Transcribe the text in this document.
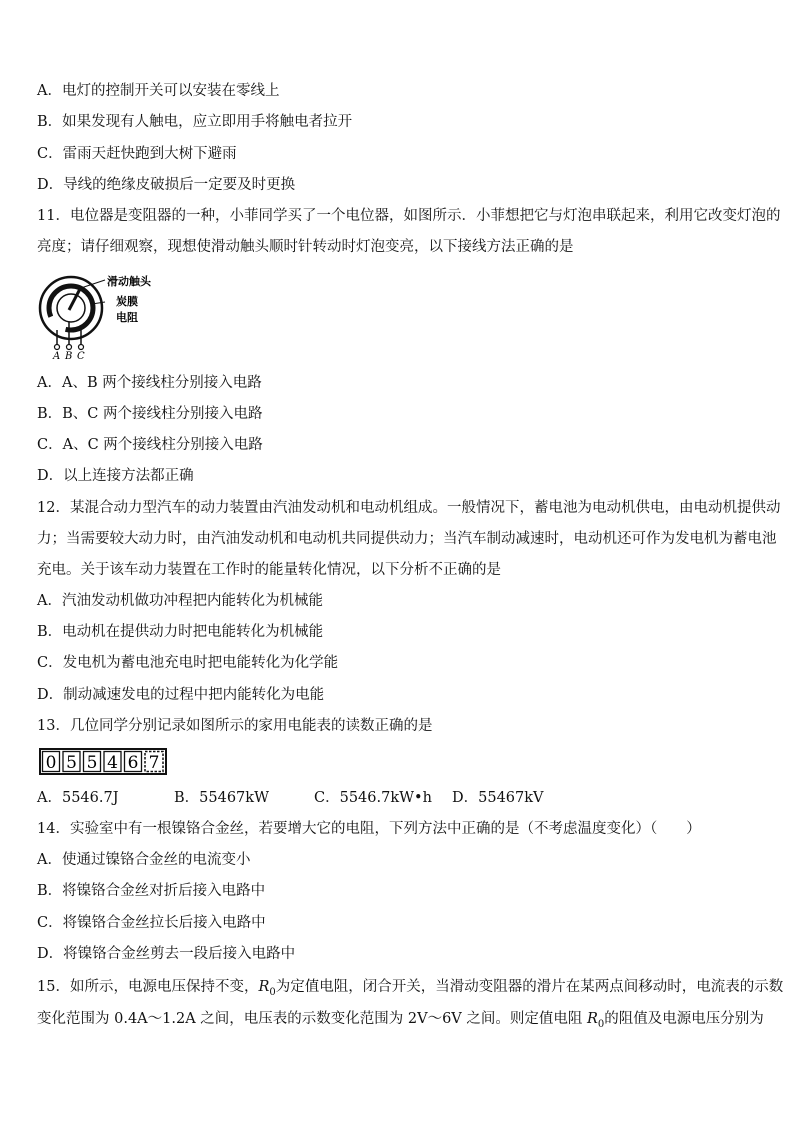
A．电灯的控制开关可以安装在零线上
B．如果发现有人触电，应立即用手将触电者拉开
C．雷雨天赶快跑到大树下避雨
D．导线的绝缘皮破损后一定要及时更换
11．电位器是变阻器的一种，小菲同学买了一个电位器，如图所示．小菲想把它与灯泡串联起来，利用它改变灯泡的
亮度；请仔细观察，现想使滑动触头顺时针转动时灯泡变亮，以下接线方法正确的是
滑动触头
炭膜
电阻
A B C
A．A、B 两个接线柱分别接入电路
B．B、C 两个接线柱分别接入电路
C．A、C 两个接线柱分别接入电路
D．以上连接方法都正确
12．某混合动力型汽车的动力装置由汽油发动机和电动机组成。一般情况下，蓄电池为电动机供电，由电动机提供动
力；当需要较大动力时，由汽油发动机和电动机共同提供动力；当汽车制动减速时，电动机还可作为发电机为蓄电池
充电。关于该车动力装置在工作时的能量转化情况，以下分析不正确的是
A．汽油发动机做功冲程把内能转化为机械能
B．电动机在提供动力时把电能转化为机械能
C．发电机为蓄电池充电时把电能转化为化学能
D．制动减速发电的过程中把内能转化为电能
13．几位同学分别记录如图所示的家用电能表的读数正确的是
0 5 5 4 6 7
A．5546.7J	B．55467kW	C．5546.7kW•h D．55467kV
14．实验室中有一根镍铬合金丝，若要增大它的电阻，下列方法中正确的是（不考虑温度变化）（　　）
A．使通过镍铬合金丝的电流变小
B．将镍铬合金丝对折后接入电路中
C．将镍铬合金丝拉长后接入电路中
D．将镍铬合金丝剪去一段后接入电路中
15．如所示，电源电压保持不变，$R_0$为定值电阻，闭合开关，当滑动变阻器的滑片在某两点间移动时，电流表的示数
变化范围为 0.4A～1.2A 之间，电压表的示数变化范围为 2V～6V 之间。则定值电阻 $R_0$的阻值及电源电压分别为
